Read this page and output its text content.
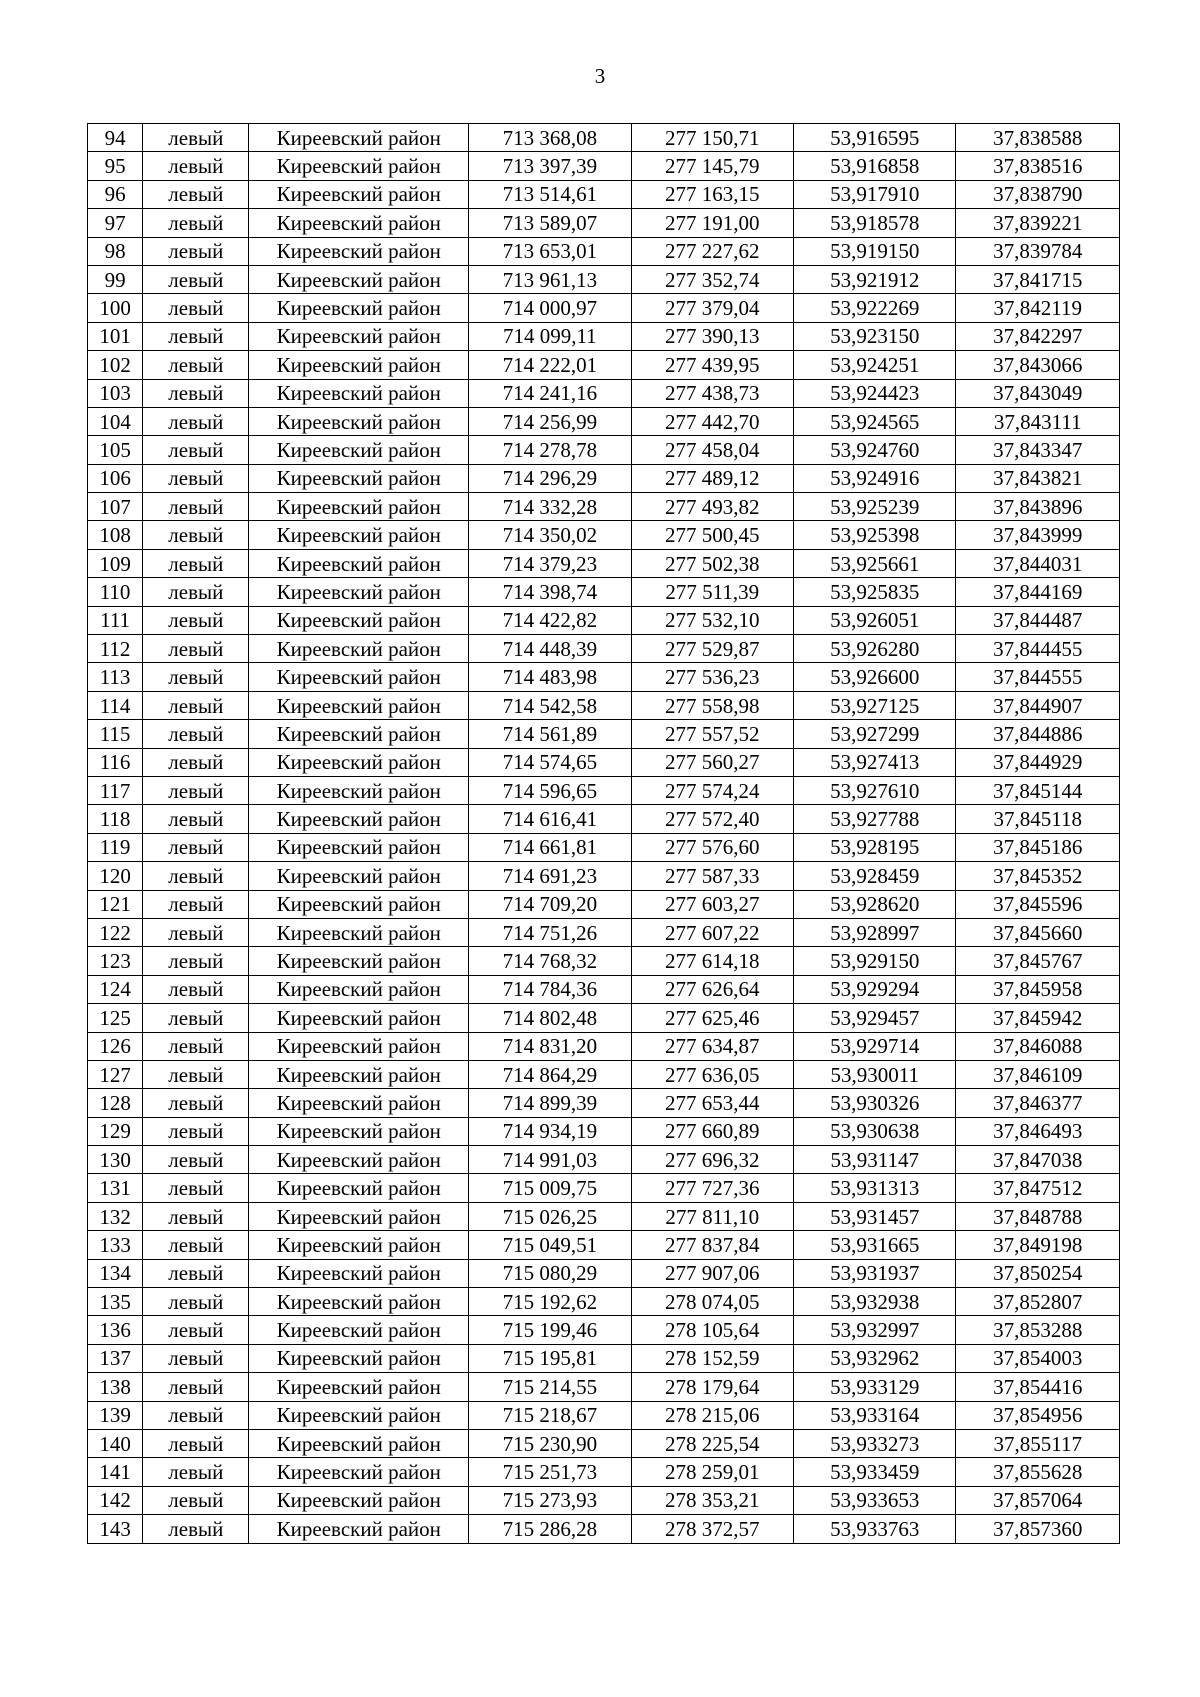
3
94	левый	Киреевский район	713 368,08	277 150,71	53,916595	37,838588
95	левый	Киреевский район	713 397,39	277 145,79	53,916858	37,838516
96	левый	Киреевский район	713 514,61	277 163,15	53,917910	37,838790
97	левый	Киреевский район	713 589,07	277 191,00	53,918578	37,839221
98	левый	Киреевский район	713 653,01	277 227,62	53,919150	37,839784
99	левый	Киреевский район	713 961,13	277 352,74	53,921912	37,841715
100	левый	Киреевский район	714 000,97	277 379,04	53,922269	37,842119
101	левый	Киреевский район	714 099,11	277 390,13	53,923150	37,842297
102	левый	Киреевский район	714 222,01	277 439,95	53,924251	37,843066
103	левый	Киреевский район	714 241,16	277 438,73	53,924423	37,843049
104	левый	Киреевский район	714 256,99	277 442,70	53,924565	37,843111
105	левый	Киреевский район	714 278,78	277 458,04	53,924760	37,843347
106	левый	Киреевский район	714 296,29	277 489,12	53,924916	37,843821
107	левый	Киреевский район	714 332,28	277 493,82	53,925239	37,843896
108	левый	Киреевский район	714 350,02	277 500,45	53,925398	37,843999
109	левый	Киреевский район	714 379,23	277 502,38	53,925661	37,844031
110	левый	Киреевский район	714 398,74	277 511,39	53,925835	37,844169
111	левый	Киреевский район	714 422,82	277 532,10	53,926051	37,844487
112	левый	Киреевский район	714 448,39	277 529,87	53,926280	37,844455
113	левый	Киреевский район	714 483,98	277 536,23	53,926600	37,844555
114	левый	Киреевский район	714 542,58	277 558,98	53,927125	37,844907
115	левый	Киреевский район	714 561,89	277 557,52	53,927299	37,844886
116	левый	Киреевский район	714 574,65	277 560,27	53,927413	37,844929
117	левый	Киреевский район	714 596,65	277 574,24	53,927610	37,845144
118	левый	Киреевский район	714 616,41	277 572,40	53,927788	37,845118
119	левый	Киреевский район	714 661,81	277 576,60	53,928195	37,845186
120	левый	Киреевский район	714 691,23	277 587,33	53,928459	37,845352
121	левый	Киреевский район	714 709,20	277 603,27	53,928620	37,845596
122	левый	Киреевский район	714 751,26	277 607,22	53,928997	37,845660
123	левый	Киреевский район	714 768,32	277 614,18	53,929150	37,845767
124	левый	Киреевский район	714 784,36	277 626,64	53,929294	37,845958
125	левый	Киреевский район	714 802,48	277 625,46	53,929457	37,845942
126	левый	Киреевский район	714 831,20	277 634,87	53,929714	37,846088
127	левый	Киреевский район	714 864,29	277 636,05	53,930011	37,846109
128	левый	Киреевский район	714 899,39	277 653,44	53,930326	37,846377
129	левый	Киреевский район	714 934,19	277 660,89	53,930638	37,846493
130	левый	Киреевский район	714 991,03	277 696,32	53,931147	37,847038
131	левый	Киреевский район	715 009,75	277 727,36	53,931313	37,847512
132	левый	Киреевский район	715 026,25	277 811,10	53,931457	37,848788
133	левый	Киреевский район	715 049,51	277 837,84	53,931665	37,849198
134	левый	Киреевский район	715 080,29	277 907,06	53,931937	37,850254
135	левый	Киреевский район	715 192,62	278 074,05	53,932938	37,852807
136	левый	Киреевский район	715 199,46	278 105,64	53,932997	37,853288
137	левый	Киреевский район	715 195,81	278 152,59	53,932962	37,854003
138	левый	Киреевский район	715 214,55	278 179,64	53,933129	37,854416
139	левый	Киреевский район	715 218,67	278 215,06	53,933164	37,854956
140	левый	Киреевский район	715 230,90	278 225,54	53,933273	37,855117
141	левый	Киреевский район	715 251,73	278 259,01	53,933459	37,855628
142	левый	Киреевский район	715 273,93	278 353,21	53,933653	37,857064
143	левый	Киреевский район	715 286,28	278 372,57	53,933763	37,857360
